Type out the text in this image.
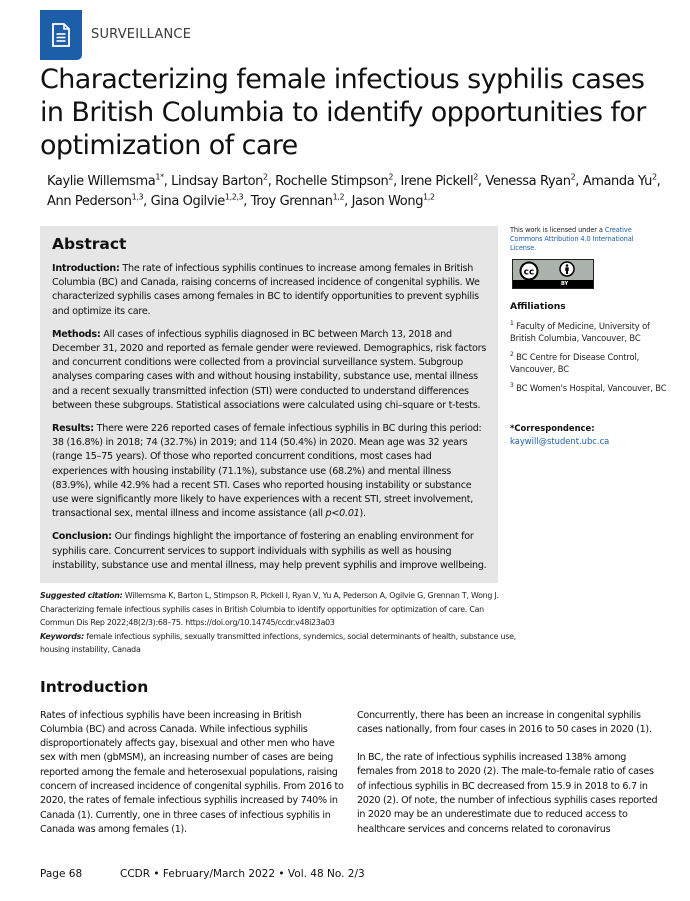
SURVEILLANCE
Characterizing female infectious syphilis cases in British Columbia to identify opportunities for optimization of care
Kaylie Willemsma$^{1*}$, Lindsay Barton$^2$, Rochelle Stimpson$^2$, Irene Pickell$^2$, Venessa Ryan$^2$, Amanda Yu$^2$, Ann Pederson$^{1,3}$, Gina Ogilvie$^{1,2,3}$, Troy Grennan$^{1,2}$, Jason Wong$^{1,2}$
Abstract

Introduction: The rate of infectious syphilis continues to increase among females in British Columbia (BC) and Canada, raising concerns of increased incidence of congenital syphilis. We characterized syphilis cases among females in BC to identify opportunities to prevent syphilis and optimize its care.

Methods: All cases of infectious syphilis diagnosed in BC between March 13, 2018 and December 31, 2020 and reported as female gender were reviewed. Demographics, risk factors and concurrent conditions were collected from a provincial surveillance system. Subgroup analyses comparing cases with and without housing instability, substance use, mental illness and a recent sexually transmitted infection (STI) were conducted to understand differences between these subgroups. Statistical associations were calculated using chi–square or t-tests.

Results: There were 226 reported cases of female infectious syphilis in BC during this period: 38 (16.8%) in 2018; 74 (32.7%) in 2019; and 114 (50.4%) in 2020. Mean age was 32 years (range 15–75 years). Of those who reported concurrent conditions, most cases had experiences with housing instability (71.1%), substance use (68.2%) and mental illness (83.9%), while 42.9% had a recent STI. Cases who reported housing instability or substance use were significantly more likely to have experiences with a recent STI, street involvement, transactional sex, mental illness and income assistance (all p<0.01).

Conclusion: Our findings highlight the importance of fostering an enabling environment for syphilis care. Concurrent services to support individuals with syphilis as well as housing instability, substance use and mental illness, may help prevent syphilis and improve wellbeing.

This work is licensed under a Creative Commons Attribution 4.0 International License.
cc
BY
Affiliations
$^1$ Faculty of Medicine, University of British Columbia, Vancouver, BC
$^2$ BC Centre for Disease Control, Vancouver, BC
$^3$ BC Women's Hospital, Vancouver, BC
*Correspondence:
kaywill@student.ubc.ca
Suggested citation: Willemsma K, Barton L, Stimpson R, Pickell I, Ryan V, Yu A, Pederson A, Ogilvie G, Grennan T, Wong J. Characterizing female infectious syphilis cases in British Columbia to identify opportunities for optimization of care. Can Commun Dis Rep 2022;48(2/3):68–75. https://doi.org/10.14745/ccdr.v48i23a03
Keywords: female infectious syphilis, sexually transmitted infections, syndemics, social determinants of health, substance use, housing instability, Canada
Introduction

Rates of infectious syphilis have been increasing in British Columbia (BC) and across Canada. While infectious syphilis disproportionately affects gay, bisexual and other men who have sex with men (gbMSM), an increasing number of cases are being reported among the female and heterosexual populations, raising concern of increased incidence of congenital syphilis. From 2016 to 2020, the rates of female infectious syphilis increased by 740% in Canada (1). Currently, one in three cases of infectious syphilis in Canada was among females (1).

Concurrently, there has been an increase in congenital syphilis cases nationally, from four cases in 2016 to 50 cases in 2020 (1).

In BC, the rate of infectious syphilis increased 138% among females from 2018 to 2020 (2). The male-to-female ratio of cases of infectious syphilis in BC decreased from 15.9 in 2018 to 6.7 in 2020 (2). Of note, the number of infectious syphilis cases reported in 2020 may be an underestimate due to reduced access to healthcare services and concerns related to coronavirus

Page 68	CCDR • February/March 2022 • Vol. 48 No. 2/3
